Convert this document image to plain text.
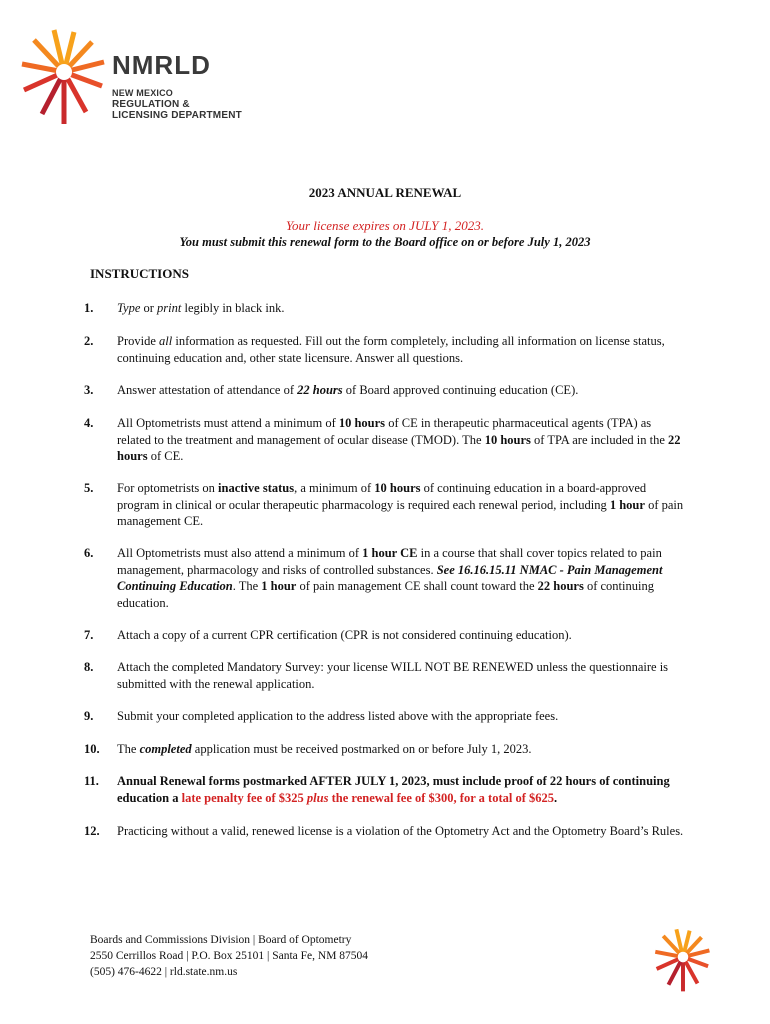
NMRLD
NEW MEXICO
REGULATION &
LICENSING DEPARTMENT
2023 ANNUAL RENEWAL
Your license expires on JULY 1, 2023.
You must submit this renewal form to the Board office on or before July 1, 2023
INSTRUCTIONS
1. Type or print legibly in black ink.
2. Provide all information as requested. Fill out the form completely, including all information on license status, continuing education and, other state licensure. Answer all questions.
3. Answer attestation of attendance of 22 hours of Board approved continuing education (CE).
4. All Optometrists must attend a minimum of 10 hours of CE in therapeutic pharmaceutical agents (TPA) as related to the treatment and management of ocular disease (TMOD). The 10 hours of TPA are included in the 22 hours of CE.
5. For optometrists on inactive status, a minimum of 10 hours of continuing education in a board-approved program in clinical or ocular therapeutic pharmacology is required each renewal period, including 1 hour of pain management CE.
6. All Optometrists must also attend a minimum of 1 hour CE in a course that shall cover topics related to pain management, pharmacology and risks of controlled substances. See 16.16.15.11 NMAC - Pain Management Continuing Education. The 1 hour of pain management CE shall count toward the 22 hours of continuing education.
7. Attach a copy of a current CPR certification (CPR is not considered continuing education).
8. Attach the completed Mandatory Survey: your license WILL NOT BE RENEWED unless the questionnaire is submitted with the renewal application.
9. Submit your completed application to the address listed above with the appropriate fees.
10. The completed application must be received postmarked on or before July 1, 2023.
11. Annual Renewal forms postmarked AFTER JULY 1, 2023, must include proof of 22 hours of continuing education a late penalty fee of $325 plus the renewal fee of $300, for a total of $625.
12. Practicing without a valid, renewed license is a violation of the Optometry Act and the Optometry Board’s Rules.
Boards and Commissions Division | Board of Optometry
2550 Cerrillos Road | P.O. Box 25101 | Santa Fe, NM 87504
(505) 476-4622 | rld.state.nm.us
